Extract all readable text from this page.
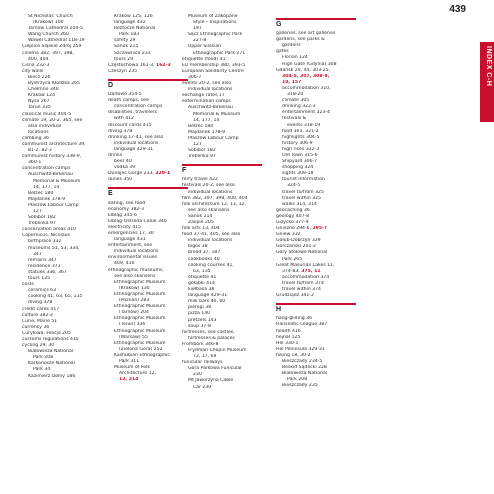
439
St Nicholas' Church
(Krakow) 100
Tarnów Cathedral 204-5
Wang Church 260
Wawel Cathedral 118-19
Cieplice Śląskie Zdrój 259
cinema 382, 397, 398,
400, 404
Cisna 232-3
city walls
Biecz 226
Bystrzyca Kłodzka 265
Chełmno 340
Kraków 124
Nysa 267
Toruń 335
classical music 404-5
climate 19, 20-2, 365, see
also individual
locations
climbing 36
communist architecture 39,
81-2, 82-3
communist history 338-9,
360-1
concentration camps
Auschwitz-Birkenau
Memorial & Museum
14, 177, 14
Bełżec 180
Majdanek 178-9
Płaszów Labour Camp
127
Sobibór 182
Treblinka 97
conservation areas 410
Copernicus, Nicolaus
birthplace 332
museums 51, 53, 334,
347
remains 347
residence 373
statues 336, 367
tours 125
costs
ceramics 63
cooking 41, 63, 65, 135
diving 378
credit cards 417
culture 382-3
Curie, Marie 51
currency 36
Curyłowa, Felicja 205
customs regulations 415
cycling 29, 30
Białowieża National
Park 208
Karkonosze National
Park 34
Kazimierz Dolny 186
Kraków 125, 126
language 432
Roztocze National
Park 183
safety 29
Sanok 215
Szczawnica 233
tours 29
Częstochowa 161-3, 162-3
Czeszyn 235
D
Darłowo 354-5
death camps, see
concentration camps
disabilities, travellers
with 412
discount cards 415
diving 378
drinking 17-41, see also
individual locations
language 429-31
drinks
beer 40
vodka 39
Dunajec Gorge 233, 220-1
dunes 350
E
eating, see food
economy 382-3
Elbląg 345-6
Elbląg-Ostróda Canal 346
electricity 415
emergencies 17, 30
language 431
entertainment, see
individual locations
environmental issues
409, 410
ethnographic museums,
see also skansens
Ethnographic Museum
(Kraków) 130
Ethnographic Museum
(Poznań) 283
Ethnographic Museum
(Tarnów) 204
Ethnographic Museum
(Toruń) 336
Ethnographic Museum
(Warsaw) 55
Ethnographic Museum
(Zielona Góra) 252
Kashubian Ethnographic
Park 311
Museum of Folk
Architecture 12,
12, 214
Museum of Zakopane
Style – Inspirations
197
Sącz Ethnographic Park
227-8
Upper Silesian
Ethnographic Park 271
etiquette (food) 41
EU membership 380, 393-5
European Solidarity Centre
306-7
events 20-2, see also
individual locations
exchange rates 17
extermination camps
Auschwitz-Birkenau
Memorial & Museum
14, 177, 14
Bełżec 180
Majdanek 178-9
Płaszów Labour Camp
127
Sobibór 182
Treblinka 97
F
ferry travel 422
festivals 20-2, see also
individual locations
film 382, 397, 398, 400, 404
folk architecture 12, 13, 12,
see also skansens
Sanok 214
Zalipie 205
folk arts 13, 404
food 37-41, 405, see also
individual locations
bigos 38
bread 37, 187
cookbooks 40
cooking courses 41,
63, 135
etiquette 41
gołąbki 414
kiełbasa 38
language 429-31
milk bars 40, 60
pierogi 38
pizza 140
pretzels 143
soup 37-8
fortresses, see castles,
fortresses & palaces
Frombork 346-8
Frydman Chopin Museum
72, 17, 69
funicular railways
Góra Parkowa Funicular
230
Mt Jaworzyna Cable
Car 230
G
galleries, see art galleries
gardens, see parks &
gardens
gates
Florian 124
High Gate (Gdynia) 308
Gdańsk 20, 44, 303-25,
304-5, 307, 308-9,
10, 157
accommodation 310,
318-20
climate 305
drinking 322-3
entertainment 323-4
festivals &
events 318-19
food 303, 321-2
highlights 304-5
history 306-9
high rises 322-3
Old Town 315-6
Shipyard 306-7
shopping 324
sights 309-18
tourist information
324-5
travel to/from 325
travel within 325
walks 314, 314
geocaching 36
geology 407-8
Giżycko 377-9
Gniezno 294-6, 295-7
Gniew 332
Gołub-Dobrzyń 339
Gorczański 201-2
Góry Stołowe National
Park 265
Great Masurian Lakes 11,
374-83, 375, 11
accommodation 374
travel to/from 374
travel within 374
Grudziądz 341-2
H
hang-gliding 36
Hanseatic League 387
health 416
hejnał 125
Hel 330-1
Hel Peninsula 329-31
hiking 18, 30-2
Bieszczady 234-5
Beskid Sądecki 228
Białowieża National
Park 208
Bieszczady 235
INDEX C-H
